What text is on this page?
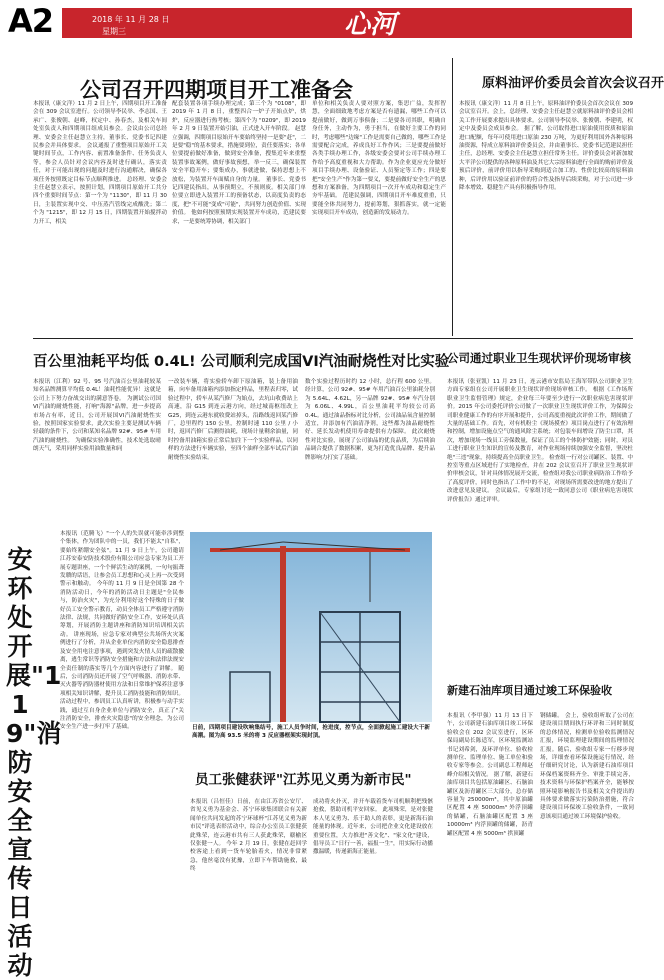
A2	2018 年 11 月 28 日
星期三	心河
公司召开四期项目开工准备会
本报讯（康文洋）11 月 2 日上午，四期项目开工准备会在 309 会议室进行。公司领导李民举、李志国、王承广、张俊朝、赵峰，权定中、孙春杰，及相关车间处室负责人和四期项目组成员参会。会议由公司总经理、安委会主任赵慧立主持，董事长、党委书记四建民参会并具体要求。 会议通报了重整项目原始开工关键时间节点，工作内容、前置准备条件、任务负责人等，参会人员针对会议内容及时进行确认，落实责任，对于可能出现的问题及时进行沟通解决，确保各项任务按照既定目标节点顺利推进。 总经理、安委会主任赵慧立表示，按照计划，四期项目原始开工共分四个重要时间节点：第一个为 "1130"，即 11 月 30 日，主装置实现中交、中压蒸汽管线完成酸洗；第二个为 "1215"，即 12 月 15 日，四期装置开始搅拌动力开工，相关
配套装置各项手续办理完成；第三个为 "0108"，即 2019 年 1 月 8 日，重整四合一炉子开始点炉，烘炉，反应器进行热考核；第四个为 "0209"，即 2019 年 2 月 9 日装置开始引油，正式进入开车阶段。 赵慧立强调，四期项目原始开车要始终坚持一是要"赶"，二是要"稳"的基本要求，措施要到位，责任要落实；各单位要提前做好准备，做到安全准备，搜集近年来重整装置事故案例，做好事故预想，举一反三，确保装置安全平稳开车；要集成办，事就进做，保持思想上不放松，为装置开车面赋自身的力量。 董事长、党委书记四建民指出，从事预期立，不预则废。相关部门单位要立即进入装置开工的预备状态，以高度负责的态度，把"不可能"变成"可能"，共同努力创造价值、实现价值。 他如何按照预期实现装置开车成功，范建民要求，一是要统筹协调，相关部门
单位和相关负责人要对照方案，集思广益，发挥智慧，全面细致地考虑方案是否有遗漏，哪些工作可以提前做好，做到万事俱备；二是要各司其职，明确自身任务，主动作为，勇于担当，在做好主要工作的同时，考虑哪些"边缘"工作是需要自己做的，哪些工作是需要配合完成，养成良好工作作风；三是要提前做好各类手续办理工作，各级安委会要对公司手续办理工作给予高度重视和大力帮助。作为企业更应充分做好项目手续办理、设备验证、人员鉴定等工作；四是要把"安全生产"作为第一要义，要提前做好安全生产的思想和方案准备，为四期项目一次开车成功和稳定生产夯牢基础。 范建民强调，四期项目开车难度重重，只要能全体共同努力，提前筹划，狠抓落实，就一定能实现项目开车成功，创造新的发展动力。
原料油评价委员会首次会议召开
本报讯（康文洋）11 月 8 日上午，原料油评价委员会首次会议在 309 会议室召开。会上，总经理、安委会主任赵慧立就原料油评价委员会相关工作开展要求提出具体要求。公司领导李民举、张俊朝、李建明，权定中及委员会成员参会。 据了解，公司取得进口原油使用资质和原油进口配额，每年可使用进口原油 230 万吨，为更好利用国外各种原料油资源，特成立原料油评价委员会，并由董事长、党委书记范建民担任主任，总经理、安委会主任赵慧立担任常务主任。评价委员会对新加坡大平洋公司提供的各种原料油及其它大宗原料油进行全面的购前评价及预后评价，前评价用以指导采购到适合加工的、性价比较高的原料油种，后评价用以验证前评价的符合性及指导后续采购，对于公司进一步降本增效、稳健生产具有积极指导作用。
百公里油耗平均低 0.4L! 公司顺利完成国VI汽油耐烧性对比实验
本报讯（江利）92 号、95 号汽油百公里油耗较某知名品牌测算平均低 0.4L！油耗性能优异！这就是公司上下努力奋战交出的满意答卷。 为测试公司国VI汽油的耐烧性能，打响"海源"品牌，进一步提高市场占有率，近日，公司开展国VI汽油耐烧性实验，按照国家实验要求，此次实验主要是测试车辆轻载的条件下，公司和某知名品牌 92#、95# 车用汽油的耐烧性。 为确保实验准确性，技术处选取晴朗天气，采用同样实验用油数量和同
一改装车辆，将实验轿车卸下原油箱，装上备用油箱，向车备用油箱内添加指定样品，里程表归零，试验过程中，轿车从某汽修厂为始点，去坑山收费站上高速，沿 G15 到连云港方向，经过城南枢纽改上 G25，到连云港东就收费站掉头，沿路线返回某汽修厂，总里程约 150 公里，控制时速 110 公里 / 小时，返回汽修厂后测得油耗，现场计量剩余油量，同时控备用油箱实验正常后加注下一个实验样品，以同样的方法进行车辆实验，至四个油样全部车试后汽油耐烧性实验结束。
数个实验过程历时约 12 小时，总行程 600 公里。经计算，公司 92#、95# 车用汽油百公里油耗分别为 5.64L、4.62L，另一品牌 92#、95# 车汽分别为 6.06L、4.99L，百公里油耗平均较公司高 0.4L。通过油品指标对比分析，公司油品氧含量控制适宜，并添加有汽油清净剂，这些都为油品耐烧性好、延长发动机使用寿命提供有力保障。 此次耐烧性对比实验，展现了公司油品的优良品质，为后续油品调合提供了数据积累，更为打造优良品牌、提升品牌影响力打实了基础。
公司通过职业卫生现状评价现场审核
本报讯（张亚凯）11 月 23 日，连云港市安监局王海军带队公司职业卫生方面专家组在公司开展职业卫生现状评价现场审核工作。 根据《工作场所职业卫生监督管理》规定，企业每三年要至少进行一次职业病危害现状评价。2015 年公司委托评价公司做了一次职业卫生现状评价工作，为保障公司职业健康工作的有序开展和提升，公司高度重视此次评价工作，期间做了大量的基础工作。首先，对有机粉尘《现场摸查》项目岗点进行了有效治理和控制，增加设施点空气的通风除尘系统；对包装车间增设了防尘口罩，其次，增加现场一线员工旁保数量，保证了员工的个体防护效能；同时，对员工进行职业卫生知识的宣传及教育，对作业现场持续加强安全监督，坚决杜绝"三违"现象，持续提高全员职业卫生。 检查组一行对公司罐区、装置、中控室等重点区域进行了实地检查，并在 202 会议室召开了职业卫生现状评价审核会议，针对具体情况展开交流，检查组对我公司职业病防治工作给予了高度评价，同时也指出了工作中的不足，对现场所需要改进的地方提出了改进意见及建议。 会议最后，专家组讨论一致同意公司《职业病危害现状评价报告》通过评审。
安环处开展"119"消防安全宣传日活动
本报讯（范腾飞）"一个人的失误就可能牵涉到整个集体，作为团队中的一员，我们不能太"自私"，要始终紧绷安全弦"。11 月 9 日上午，公司邀请江苏安泰安防技术股份有限公司应急专家为员工开展专题讲座，一个个鲜活生动的案例，一句句振聋发聩的话语，让参会员工思想和心灵上再一次受到警示和触动。 今年的 11 月 9 日是全国第 28 个消防活动日，今年的消防活动日主题是"全民参与，防治火灾"，为充分利用好这个特殊的日子做好员工安全警示教育，动员全体员工严格遵守消防法律、法规，共同做好消防安全工作，安环处认真筹划，开展消防主题讲座和消防知识培训相关活动。 讲座现场，应急专家对典型公共场所火灾案例进行了分析，并从企业单位内消防安全隐患排查及安全用电注意事项，遇到突发火情人员的疏散撤离，逃生常识等消防安全措施和方法和法律法规安全责任制的落实等几个方面内容进行了讲解。 随后，公司消防员还开展了空气呼吸器、消防水带、灭火器等消防器材使用方法和日常维护保养注意事项相关知识讲解，提升员工消防技能和消防知识。 活动过程中，参训员工认真听讲，积极参与动手实践，通过互自身企业单位与消防安全，真正了"关注消防安全，排查火灾隐患"的安全理念，为公司安全生产进一步打牢了基础。	日前，四期项目建设吹响集结号，施工人员争时间，抢进度，控节点，全面掀起施工建设大干新高潮。图为高 93.5 米的将 3 反应器框架实现封顶。
员工张健获评"江苏见义勇为新市民"
本报讯（吕恒佳）日前，在由江苏省公安厅、省见义勇为基金会、苏宁环球集团联合有关新闻单位共同发起的苏宁环球杯"江苏见义勇为新市民"评选表彰活动中，综合办公室员工张健获此殊荣，连云港市共有三人获此殊荣，赣榆区仅张健一人。 今年 2 月 19 日，张健在赶回学校客途上看到一货车轮胎着火，情况非常紧急，他丝毫没有犹豫，立即下车帮助施救，最终
成功将火扑灭，并开车载着货车司机顺利把残骸抢救，帮助司机平安回家。 此项殊荣，是对张健本人见义勇为、乐于助人的表彰，更是新海石油能量的体现。近年来，公司把企业文化建设放在重要位置，大力推进"善文化"、"家文化"建设，倡导员工"日行一善，福报一生"，用实际行动播撒温暖，传递新海正能量。
新建石油库项目通过竣工环保验收
本报讯（李甲强）11 月 13 日下午，公司新建石油库项目竣工环保验收会在 202 会议室进行，区环保局副局长陈适军，区环境监测站书记刘希剑，及环评单位、验收检测单位、监理单位、施工单位和验收专家等参会。公司副总工程师赵峰介绍相关情况。 据了解，新建石油库项目共包括原油罐区、石脑油罐区及沥青罐区三大部分，总存储容量为 250000m³，其中原油罐区配置 4 座 50000m³ 外浮顶罐的储罐，石脑油罐区配置 3 座 10000m³ 内浮顶罐的储罐，沥青罐区配置 4 座 5000m³ 拱顶罐
钢储罐。 会上，验收组听取了公司在建设项目期间执行环评和三同时制度的总体情况，检测单位验收监测情况汇报，环境监理建设期间的监理情况汇报。随后，验收组专家一行移步现场，详细查看环保设施运行情况，经仔细研究讨论，认为新建石油库项目环保档案资料齐全、审批手续完善，技术资料与环保护档案齐全，能够按照环境影响报告书及相关文件提出的具体要求做落实污染防治措施，符合建设项目环保竣工验收条件，一致同意该项目通过竣工环境保护验收。
